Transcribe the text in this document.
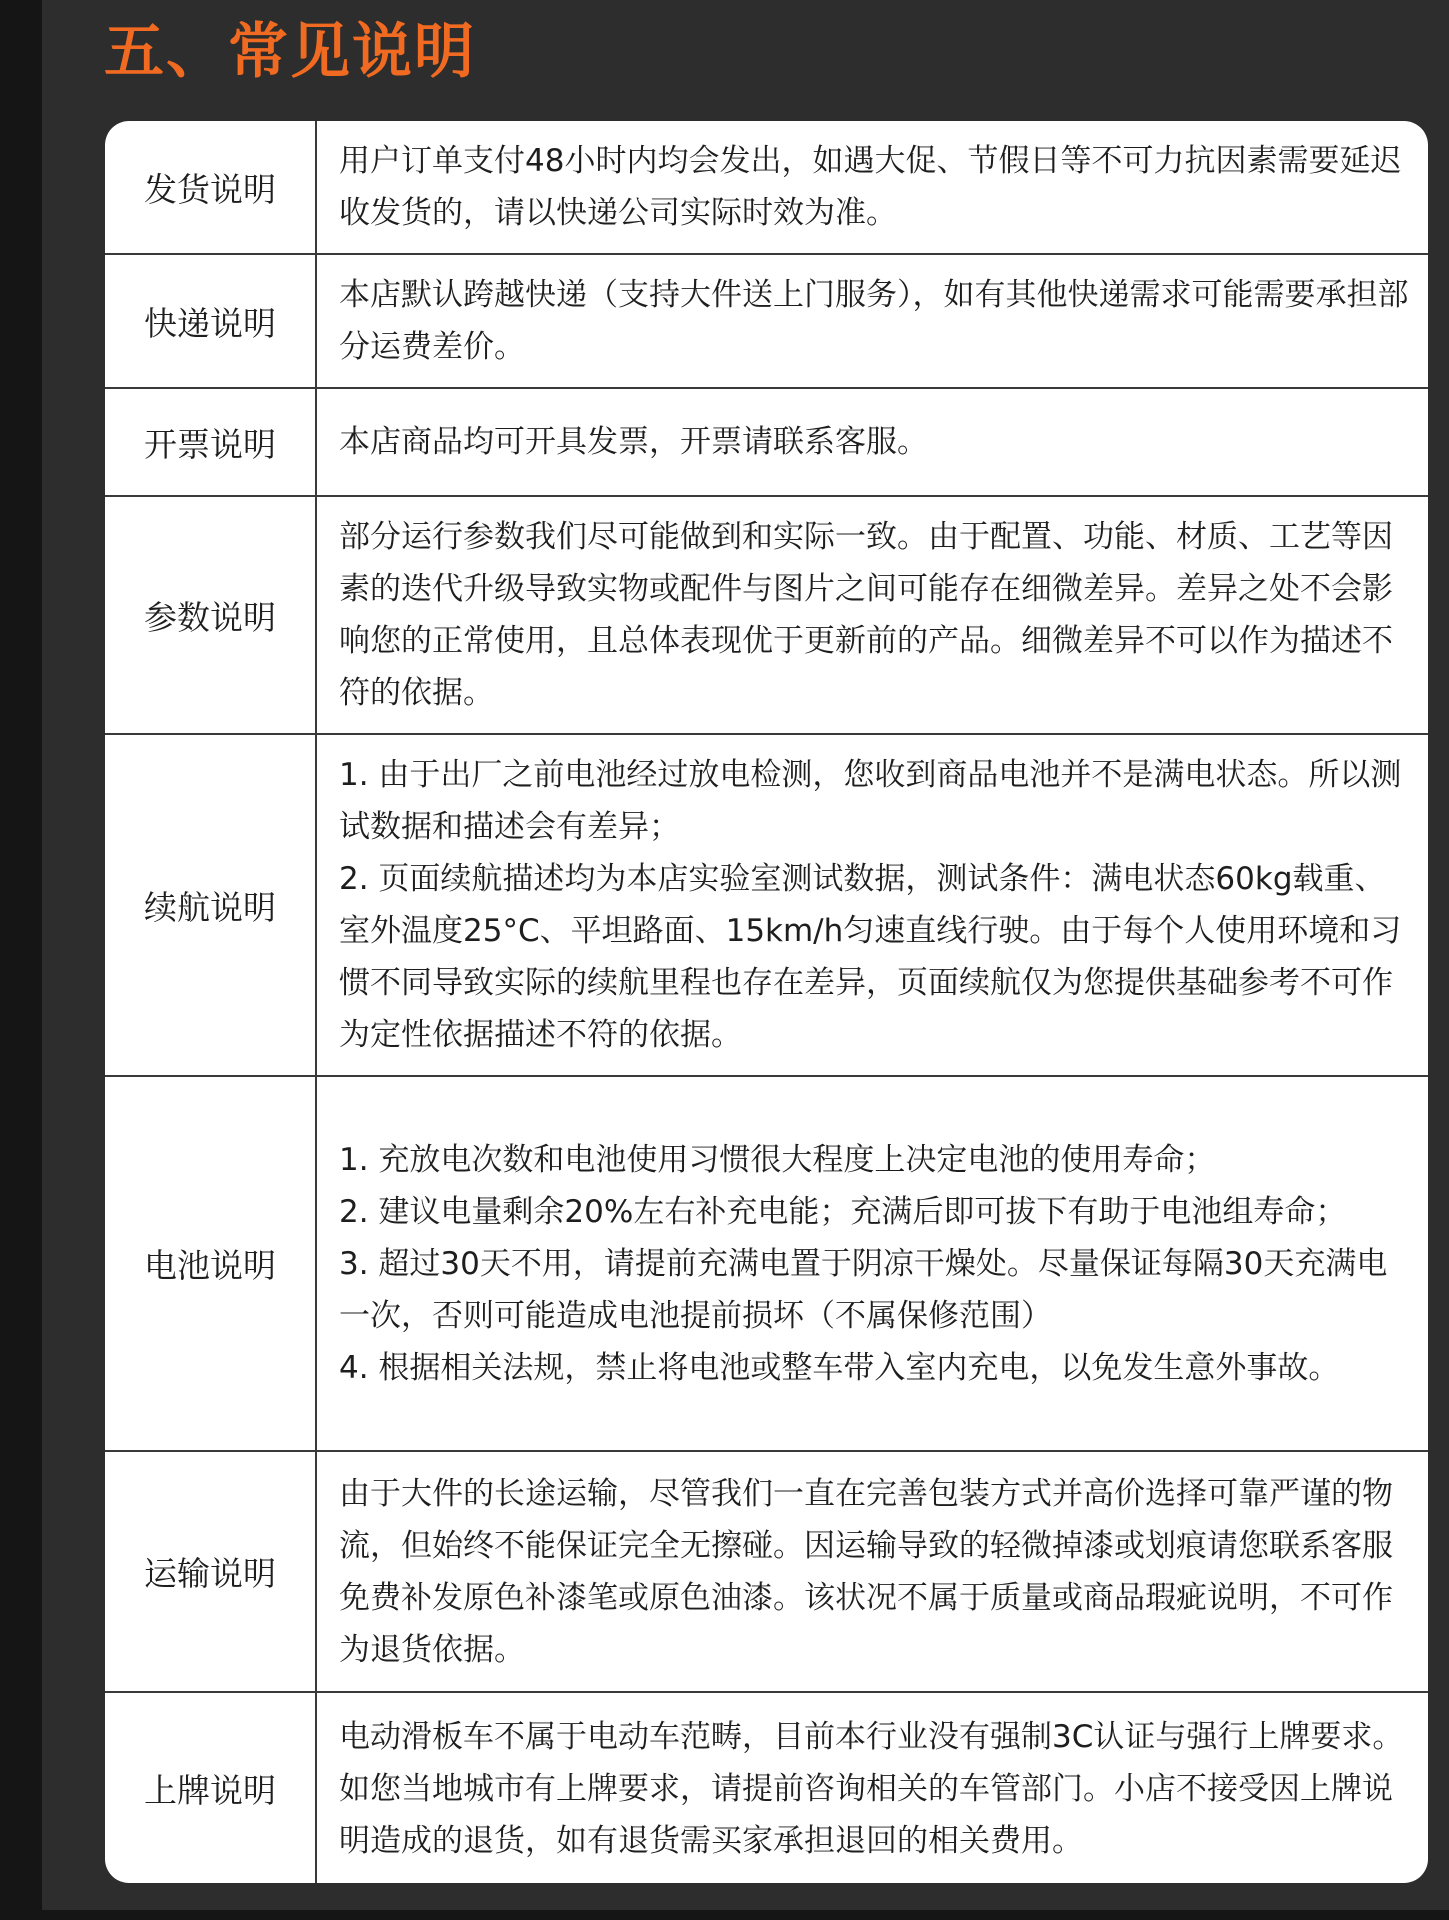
五、常见说明
发货说明	用户订单支付48小时内均会发出，如遇大促、节假日等不可力抗因素需要延迟收发货的，请以快递公司实际时效为准。

快递说明	本店默认跨越快递（支持大件送上门服务），如有其他快递需求可能需要承担部分运费差价。

开票说明	本店商品均可开具发票，开票请联系客服。

参数说明	部分运行参数我们尽可能做到和实际一致。由于配置、功能、材质、工艺等因素的迭代升级导致实物或配件与图片之间可能存在细微差异。差异之处不会影响您的正常使用，且总体表现优于更新前的产品。细微差异不可以作为描述不符的依据。

续航说明	1. 由于出厂之前电池经过放电检测，您收到商品电池并不是满电状态。所以测试数据和描述会有差异；
2. 页面续航描述均为本店实验室测试数据，测试条件：满电状态60kg载重、室外温度25°C、平坦路面、15km/h匀速直线行驶。由于每个人使用环境和习惯不同导致实际的续航里程也存在差异，页面续航仅为您提供基础参考不可作为定性依据描述不符的依据。

电池说明	1. 充放电次数和电池使用习惯很大程度上决定电池的使用寿命；
2. 建议电量剩余20%左右补充电能；充满后即可拔下有助于电池组寿命；
3. 超过30天不用，请提前充满电置于阴凉干燥处。尽量保证每隔30天充满电一次，否则可能造成电池提前损坏（不属保修范围）
4. 根据相关法规，禁止将电池或整车带入室内充电，以免发生意外事故。

运输说明	由于大件的长途运输，尽管我们一直在完善包装方式并高价选择可靠严谨的物流，但始终不能保证完全无擦碰。因运输导致的轻微掉漆或划痕请您联系客服免费补发原色补漆笔或原色油漆。该状况不属于质量或商品瑕疵说明，不可作为退货依据。

上牌说明	电动滑板车不属于电动车范畴，目前本行业没有强制3C认证与强行上牌要求。如您当地城市有上牌要求，请提前咨询相关的车管部门。小店不接受因上牌说明造成的退货，如有退货需买家承担退回的相关费用。
